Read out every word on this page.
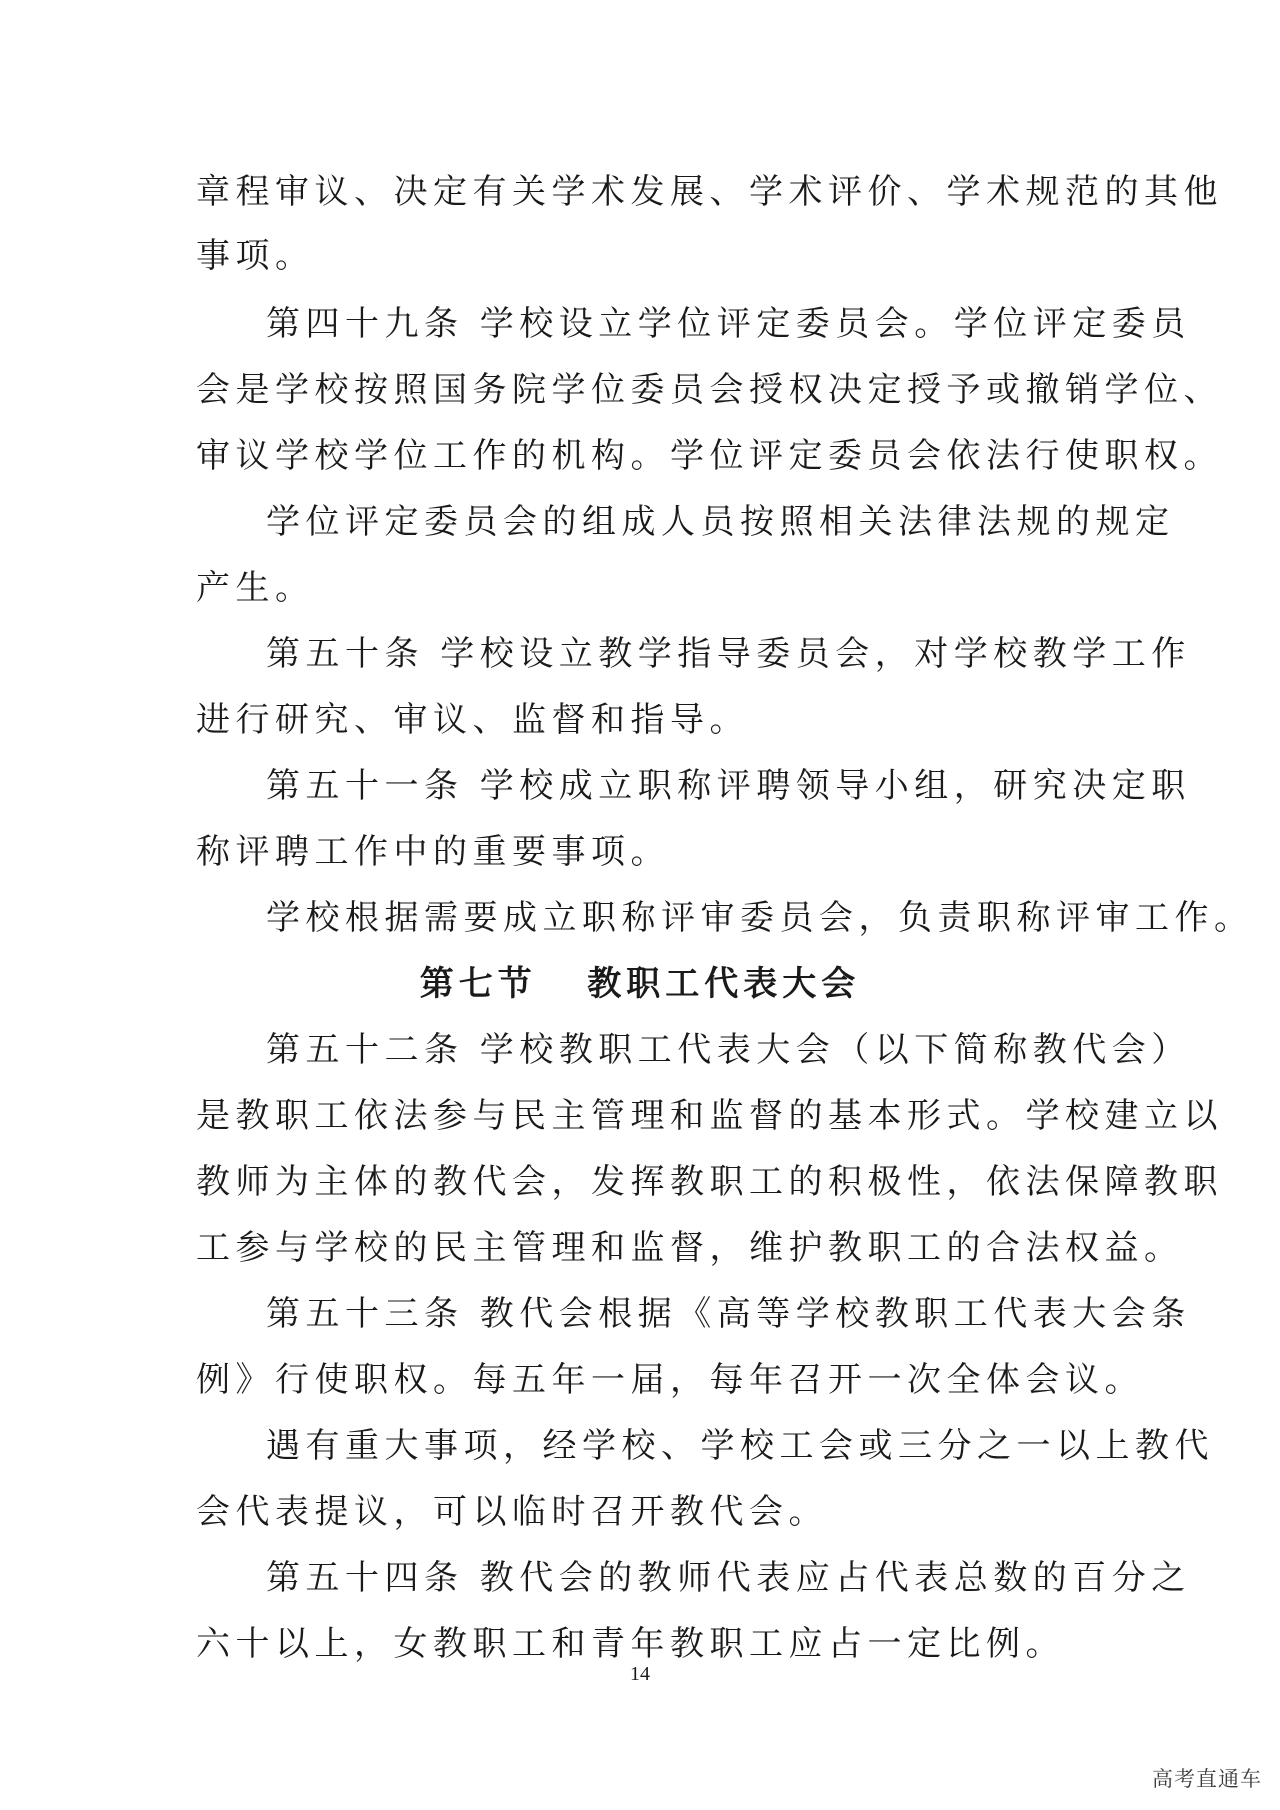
章程审议、决定有关学术发展、学术评价、学术规范的其他
事项。
第四十九条 学校设立学位评定委员会。学位评定委员
会是学校按照国务院学位委员会授权决定授予或撤销学位、
审议学校学位工作的机构。学位评定委员会依法行使职权。
学位评定委员会的组成人员按照相关法律法规的规定
产生。
第五十条 学校设立教学指导委员会，对学校教学工作
进行研究、审议、监督和指导。
第五十一条 学校成立职称评聘领导小组，研究决定职
称评聘工作中的重要事项。
学校根据需要成立职称评审委员会，负责职称评审工作。
第七节   教职工代表大会
第五十二条 学校教职工代表大会（以下简称教代会）
是教职工依法参与民主管理和监督的基本形式。学校建立以
教师为主体的教代会，发挥教职工的积极性，依法保障教职
工参与学校的民主管理和监督，维护教职工的合法权益。
第五十三条 教代会根据《高等学校教职工代表大会条
例》行使职权。每五年一届，每年召开一次全体会议。
遇有重大事项，经学校、学校工会或三分之一以上教代
会代表提议，可以临时召开教代会。
第五十四条 教代会的教师代表应占代表总数的百分之
六十以上，女教职工和青年教职工应占一定比例。
14
高考直通车
